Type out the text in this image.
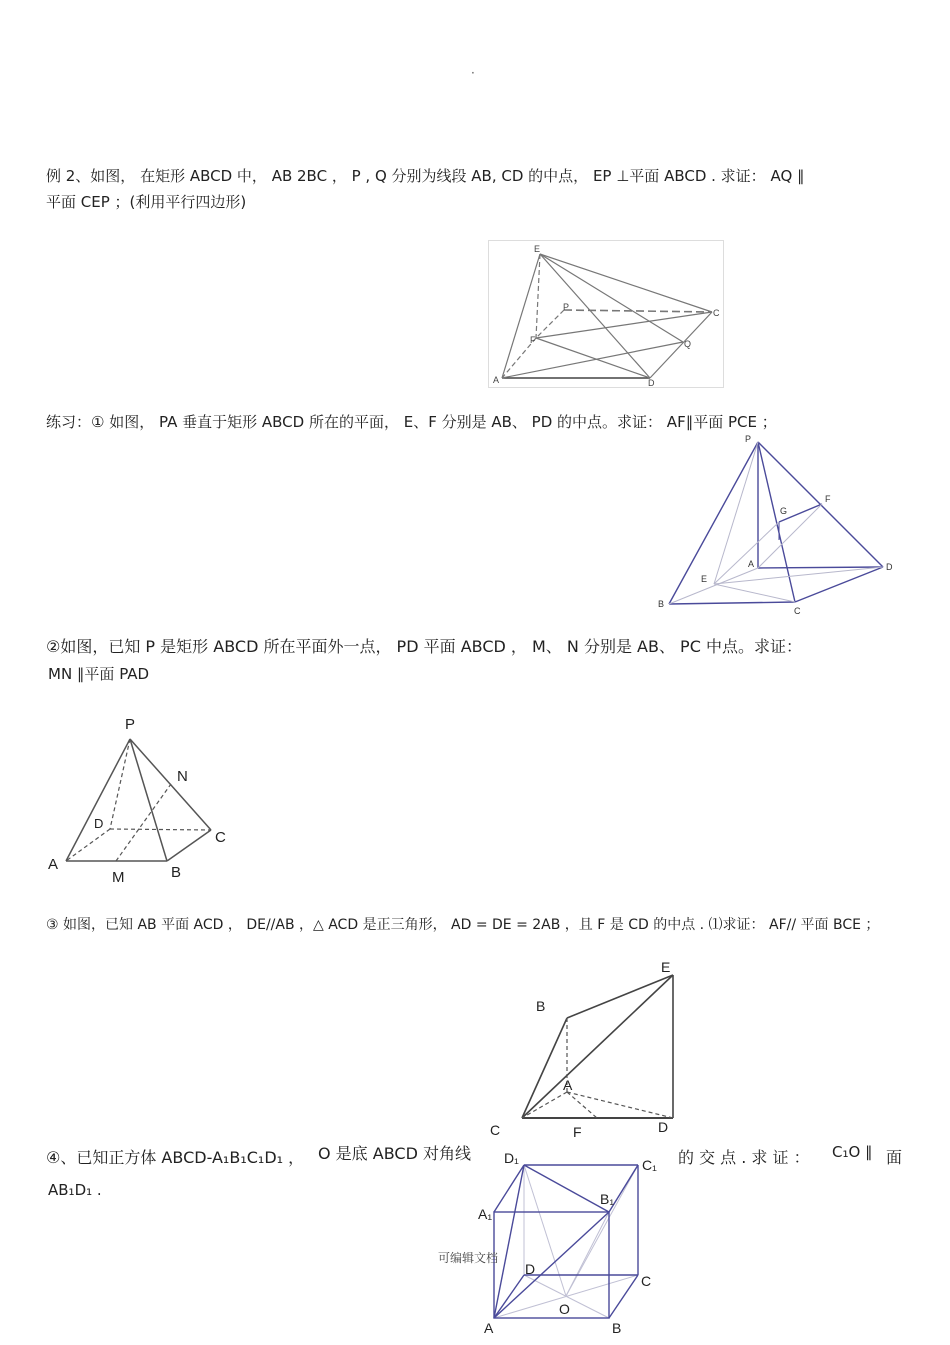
·
例 2、如图， 在矩形 ABCD 中， AB 2BC ， P , Q 分别为线段 AB, CD 的中点， EP ⊥平面 ABCD . 求证： AQ ∥
平面 CEP ；(利用平行四边形)
E
P
C
F	Q
A	D
练习：① 如图， PA 垂直于矩形 ABCD 所在的平面， E、F 分别是 AB、 PD 的中点。求证： AF∥平面 PCE ；
P
F
G
A	D
E
B
C
②如图，已知 P 是矩形 ABCD 所在平面外一点， PD 平面 ABCD ， M、 N 分别是 AB、 PC 中点。求证：
MN ∥平面 PAD
P
N
D
C
A
M	B
③ 如图，已知 AB 平面 ACD ， DE//AB ，△ ACD 是正三角形， AD = DE = 2AB ，且 F 是 CD 的中点 . ⑴求证： AF// 平面 BCE ；
E
B
A
C	F	D
④、已知正方体 ABCD-A₁B₁C₁D₁ ， O 是底 ABCD 对角线	的 交 点 . 求 证 ： C₁O ∥ 面
AB₁D₁ .
D₁	C₁
B₁
A₁
D
C
O
A	B
可编辑文档
